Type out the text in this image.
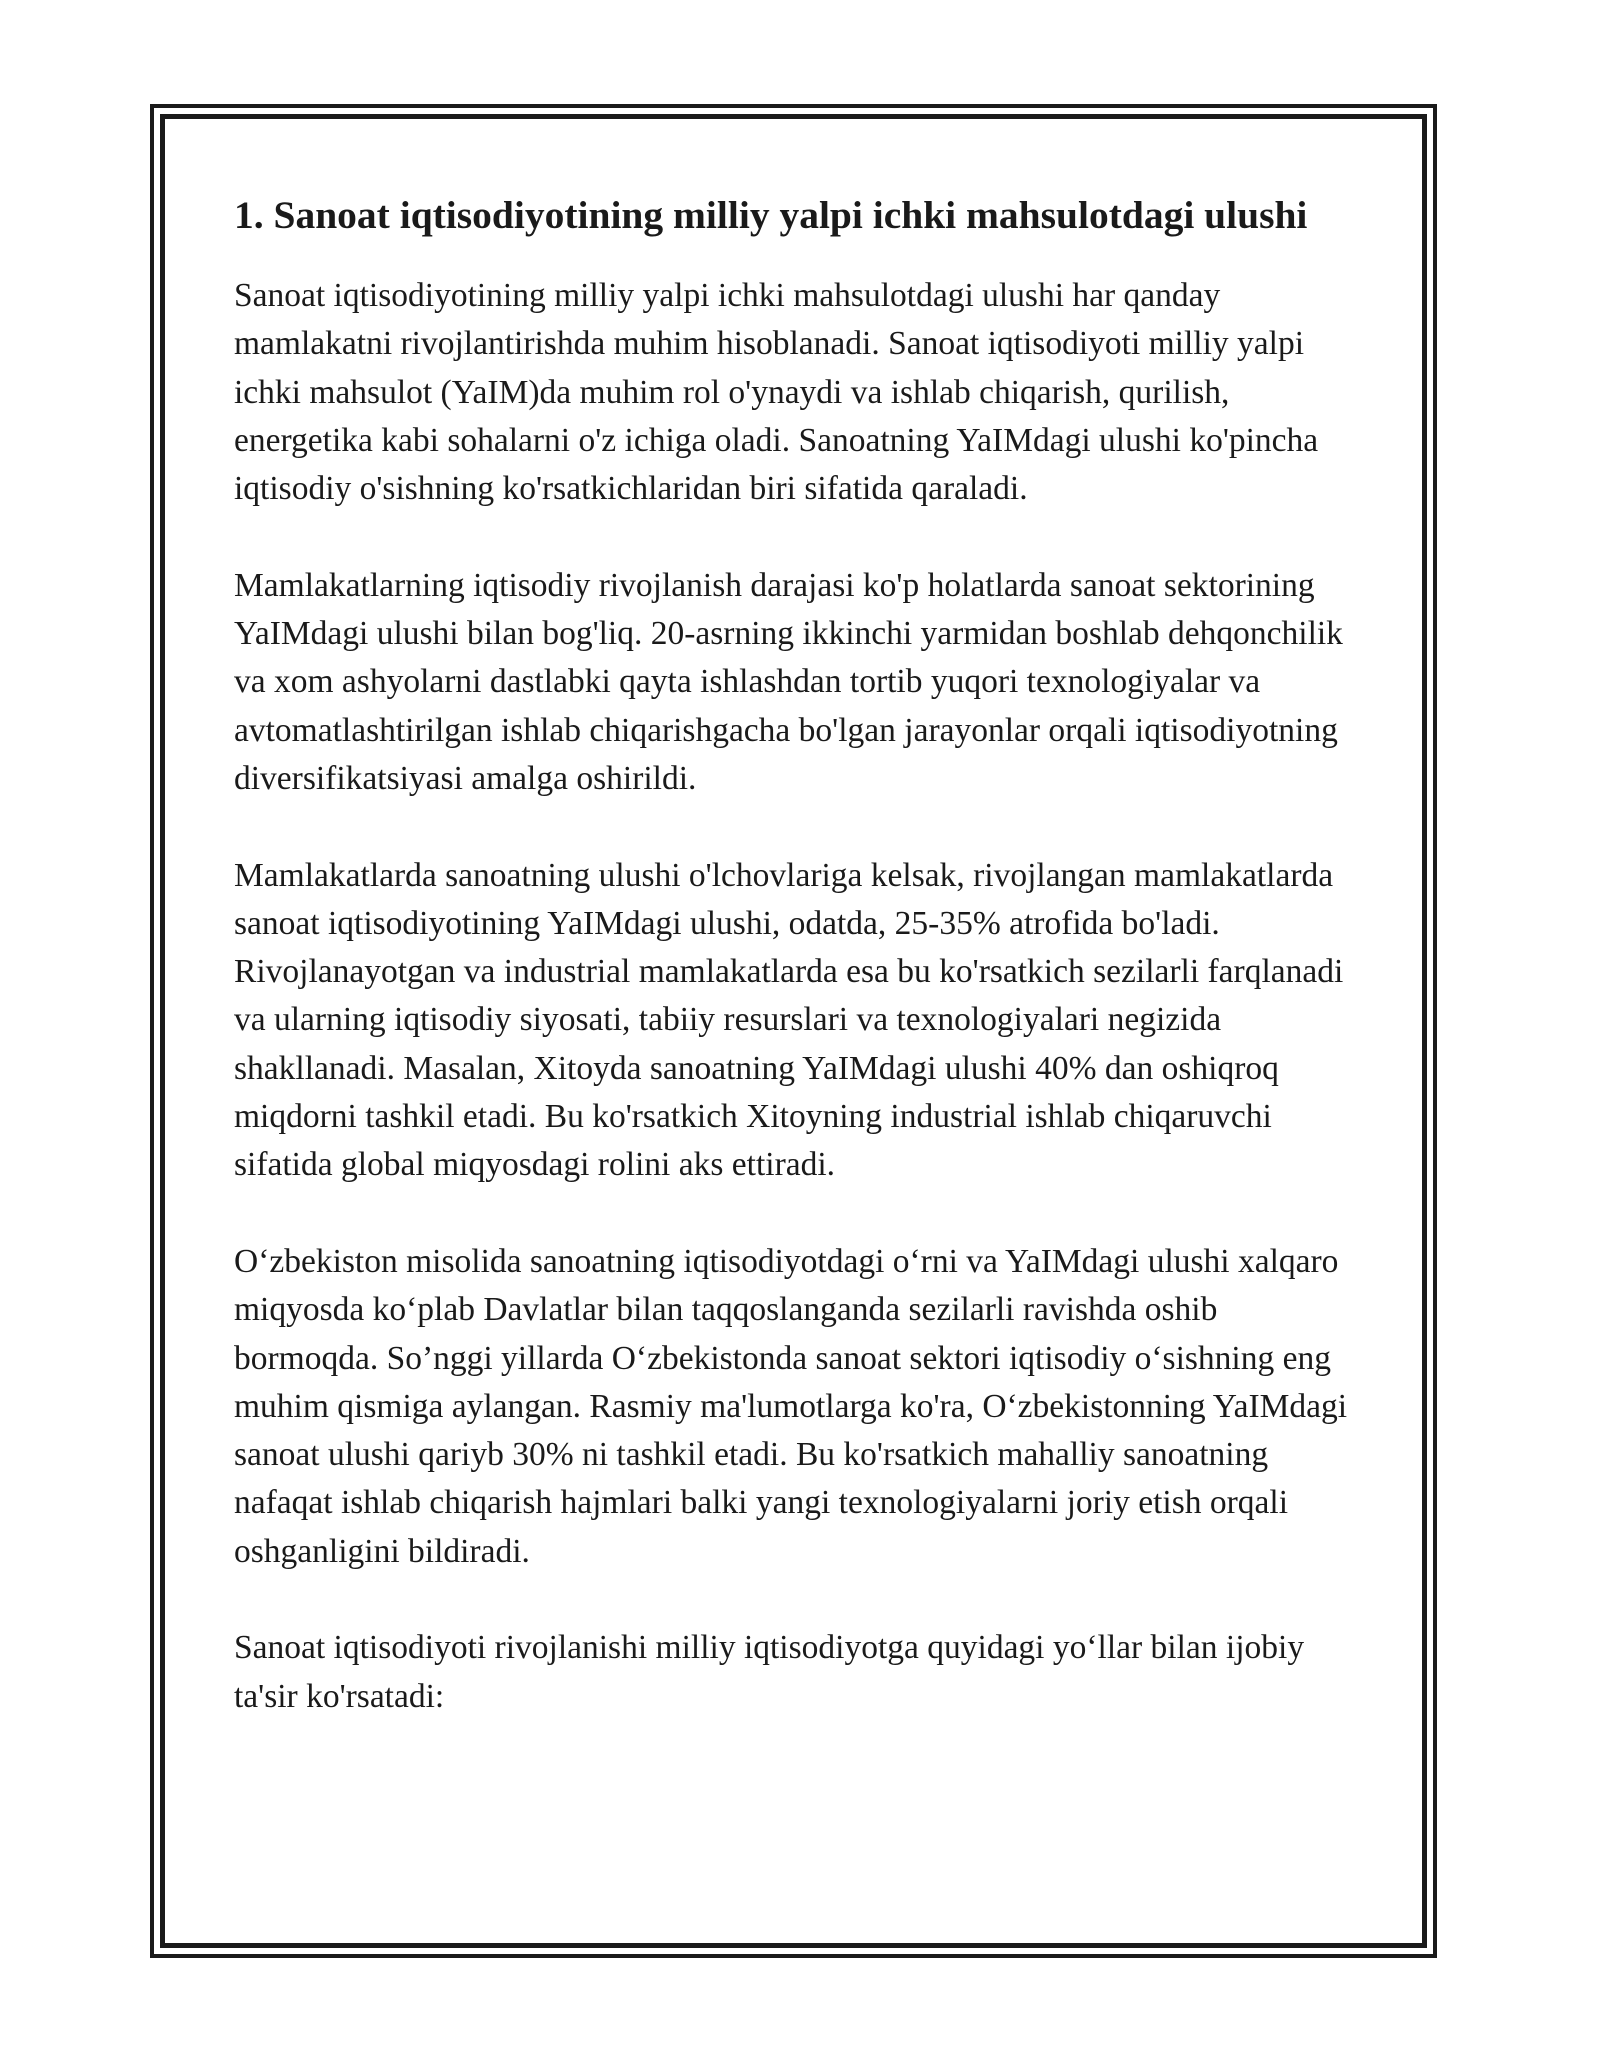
1. Sanoat iqtisodiyotining milliy yalpi ichki mahsulotdagi ulushi

Sanoat iqtisodiyotining milliy yalpi ichki mahsulotdagi ulushi har qanday mamlakatni rivojlantirishda muhim hisoblanadi. Sanoat iqtisodiyoti milliy yalpi ichki mahsulot (YaIM)da muhim rol o'ynaydi va ishlab chiqarish, qurilish, energetika kabi sohalarni o'z ichiga oladi. Sanoatning YaIMdagi ulushi ko'pincha iqtisodiy o'sishning ko'rsatkichlaridan biri sifatida qaraladi.

Mamlakatlarning iqtisodiy rivojlanish darajasi ko'p holatlarda sanoat sektorining YaIMdagi ulushi bilan bog'liq. 20-asrning ikkinchi yarmidan boshlab dehqonchilik va xom ashyolarni dastlabki qayta ishlashdan tortib yuqori texnologiyalar va avtomatlashtirilgan ishlab chiqarishgacha bo'lgan jarayonlar orqali iqtisodiyotning diversifikatsiyasi amalga oshirildi.

Mamlakatlarda sanoatning ulushi o'lchovlariga kelsak, rivojlangan mamlakatlarda sanoat iqtisodiyotining YaIMdagi ulushi, odatda, 25-35% atrofida bo'ladi. Rivojlanayotgan va industrial mamlakatlarda esa bu ko'rsatkich sezilarli farqlanadi va ularning iqtisodiy siyosati, tabiiy resurslari va texnologiyalari negizida shakllanadi. Masalan, Xitoyda sanoatning YaIMdagi ulushi 40% dan oshiqroq miqdorni tashkil etadi. Bu ko'rsatkich Xitoyning industrial ishlab chiqaruvchi sifatida global miqyosdagi rolini aks ettiradi.

O‘zbekiston misolida sanoatning iqtisodiyotdagi o‘rni va YaIMdagi ulushi xalqaro miqyosda ko‘plab Davlatlar bilan taqqoslanganda sezilarli ravishda oshib bormoqda. So’nggi yillarda O‘zbekistonda sanoat sektori iqtisodiy o‘sishning eng muhim qismiga aylangan. Rasmiy ma'lumotlarga ko'ra, O‘zbekistonning YaIMdagi sanoat ulushi qariyb 30% ni tashkil etadi. Bu ko'rsatkich mahalliy sanoatning nafaqat ishlab chiqarish hajmlari balki yangi texnologiyalarni joriy etish orqali oshganligini bildiradi.

Sanoat iqtisodiyoti rivojlanishi milliy iqtisodiyotga quyidagi yo‘llar bilan ijobiy ta'sir ko'rsatadi:
